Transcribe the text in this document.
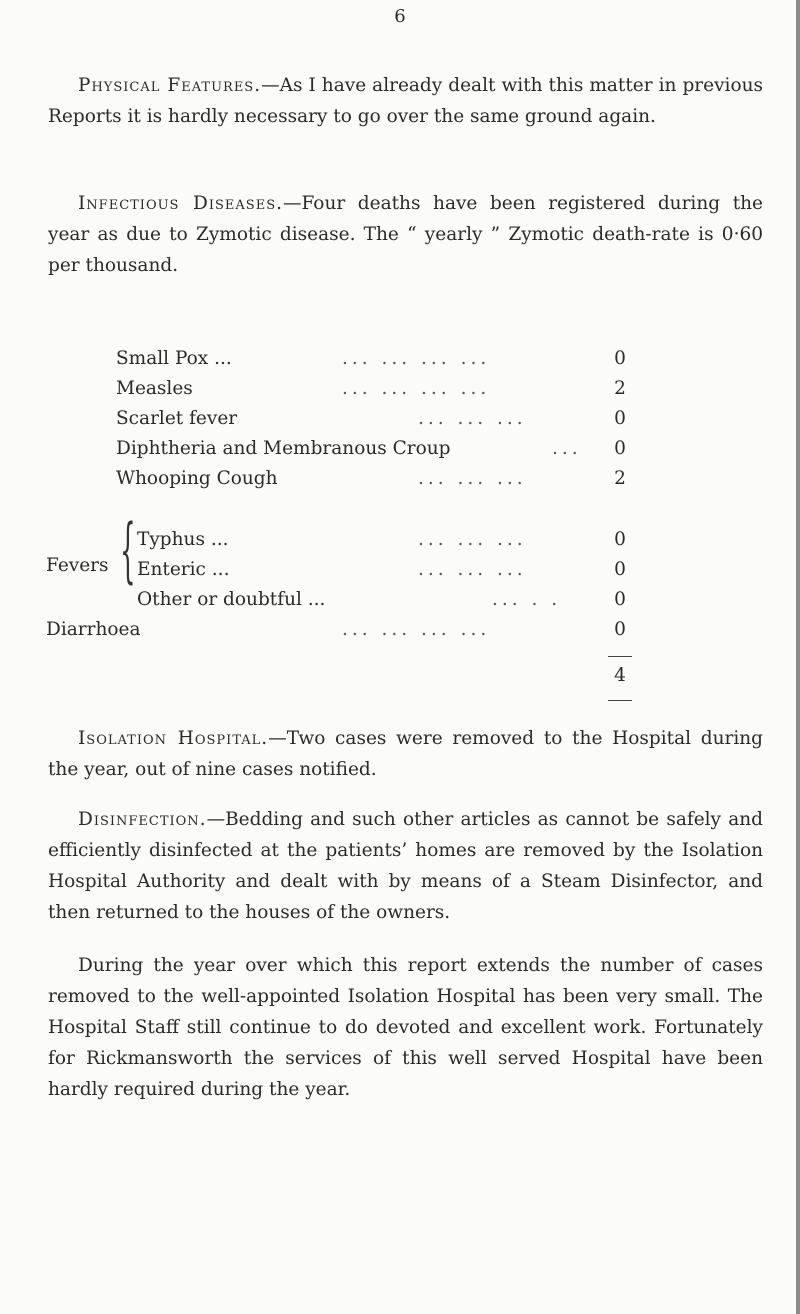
6

Physical Features.—As I have already dealt with this matter in previous Reports it is hardly necessary to go over the same ground again.

Infectious Diseases.—Four deaths have been registered during the year as due to Zymotic disease. The “ yearly ” Zymotic death-rate is 0·60 per thousand.

Small Pox ...	... ... ... ...	0
Measles	... ... ... ...	2
Scarlet fever	... ... ...	0
Diphtheria and Membranous Croup	...	0
Whooping Cough	... ... ...	2
Fevers { Typhus ...	... ... ...	0
Enteric ...	... ... ...	0
Other or doubtful ...	... . .	0
Diarrhoea	... ... ... ...	0
4

Isolation Hospital.—Two cases were removed to the Hospital during the year, out of nine cases notified.

Disinfection.—Bedding and such other articles as cannot be safely and efficiently disinfected at the patients’ homes are removed by the Isolation Hospital Authority and dealt with by means of a Steam Disinfector, and then returned to the houses of the owners.

During the year over which this report extends the number of cases removed to the well-appointed Isolation Hospital has been very small. The Hospital Staff still continue to do devoted and excellent work. Fortunately for Rickmansworth the services of this well served Hospital have been hardly required during the year.
